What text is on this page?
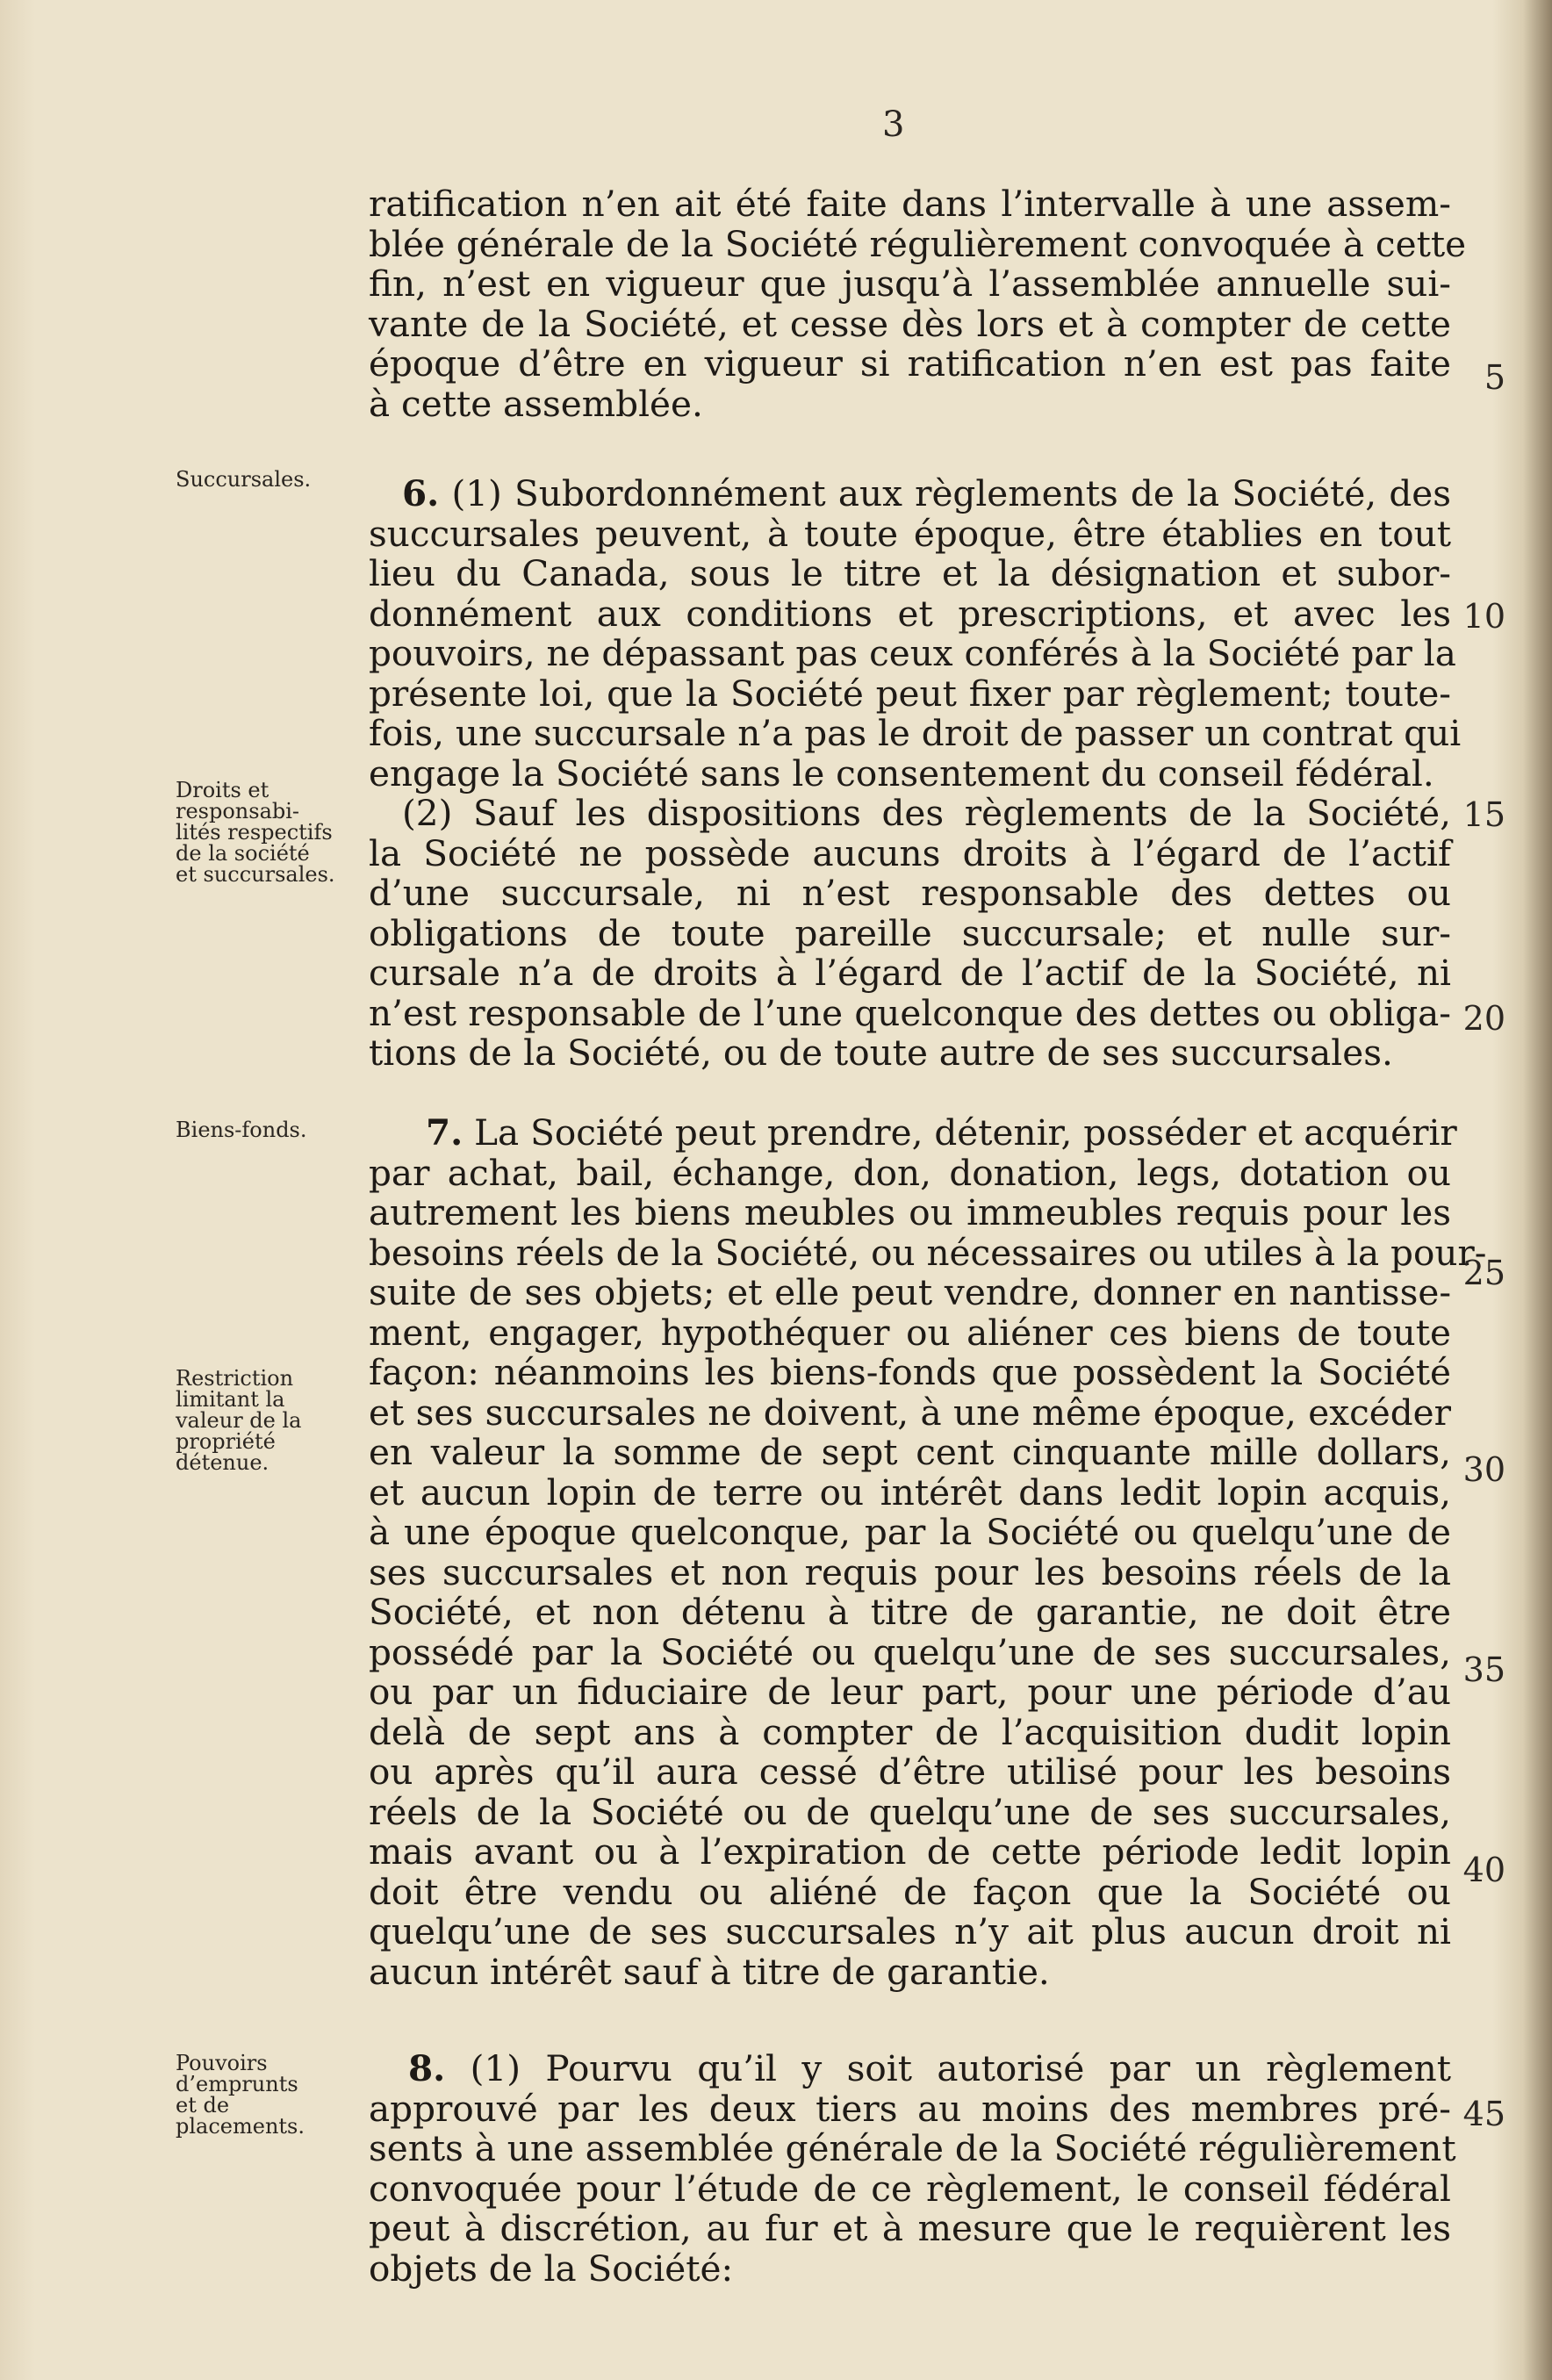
3
ratification n’en ait été faite dans l’intervalle à une assem-
blée générale de la Société régulièrement convoquée à cette
fin, n’est en vigueur que jusqu’à l’assemblée annuelle sui-
vante de la Société, et cesse dès lors et à compter de cette
époque d’être en vigueur si ratification n’en est pas faite
à cette assemblée.
Succursales.	6. (1) Subordonnément aux règlements de la Société, des
succursales peuvent, à toute époque, être établies en tout
lieu du Canada, sous le titre et la désignation et subor-
donnément aux conditions et prescriptions, et avec les
pouvoirs, ne dépassant pas ceux conférés à la Société par la
présente loi, que la Société peut fixer par règlement; toute-
fois, une succursale n’a pas le droit de passer un contrat qui
engage la Société sans le consentement du conseil fédéral.
(2) Sauf les dispositions des règlements de la Société,
la Société ne possède aucuns droits à l’égard de l’actif
d’une succursale, ni n’est responsable des dettes ou
obligations de toute pareille succursale; et nulle sur-
cursale n’a de droits à l’égard de l’actif de la Société, ni
n’est responsable de l’une quelconque des dettes ou obliga-
tions de la Société, ou de toute autre de ses succursales.
Droits et
responsabi-
lités respectifs
de la société
et succursales.
Biens-fonds.
Restriction
limitant la
valeur de la
propriété
détenue.
7. La Société peut prendre, détenir, posséder et acquérir
par achat, bail, échange, don, donation, legs, dotation ou
autrement les biens meubles ou immeubles requis pour les
besoins réels de la Société, ou nécessaires ou utiles à la pour-
suite de ses objets; et elle peut vendre, donner en nantisse-
ment, engager, hypothéquer ou aliéner ces biens de toute
façon: néanmoins les biens-fonds que possèdent la Société
et ses succursales ne doivent, à une même époque, excéder
en valeur la somme de sept cent cinquante mille dollars,
et aucun lopin de terre ou intérêt dans ledit lopin acquis,
à une époque quelconque, par la Société ou quelqu’une de
ses succursales et non requis pour les besoins réels de la
Société, et non détenu à titre de garantie, ne doit être
possédé par la Société ou quelqu’une de ses succursales,
ou par un fiduciaire de leur part, pour une période d’au
delà de sept ans à compter de l’acquisition dudit lopin
ou après qu’il aura cessé d’être utilisé pour les besoins
réels de la Société ou de quelqu’une de ses succursales,
mais avant ou à l’expiration de cette période ledit lopin
doit être vendu ou aliéné de façon que la Société ou
quelqu’une de ses succursales n’y ait plus aucun droit ni
aucun intérêt sauf à titre de garantie.
Pouvoirs
d’emprunts
et de
placements.
8. (1) Pourvu qu’il y soit autorisé par un règlement
approuvé par les deux tiers au moins des membres pré-
sents à une assemblée générale de la Société régulièrement
convoquée pour l’étude de ce règlement, le conseil fédéral
peut à discrétion, au fur et à mesure que le requièrent les
objets de la Société:
5
10
15
20
25
30
35
40
45
